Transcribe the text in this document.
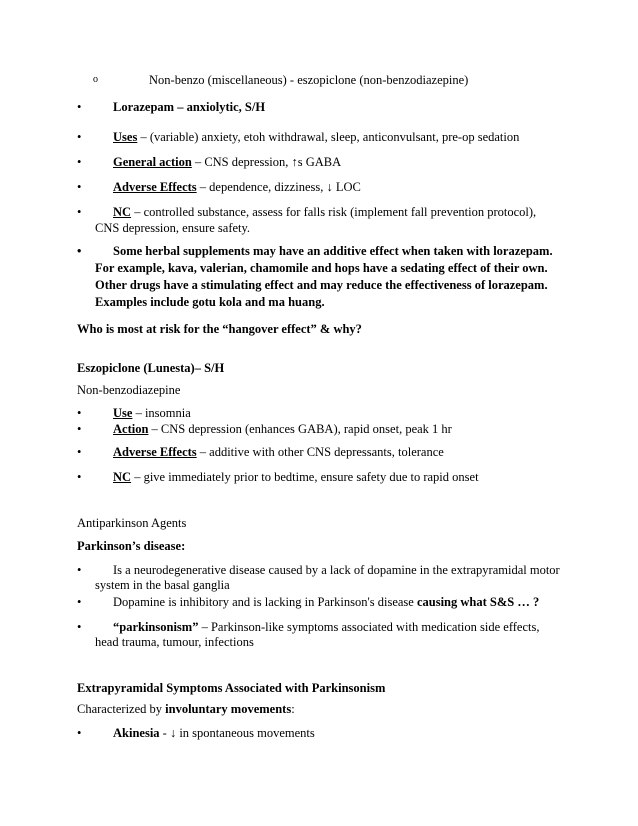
o	Non-benzo (miscellaneous) - eszopiclone (non-benzodiazepine)
•	Lorazepam – anxiolytic, S/H
•	Uses – (variable) anxiety, etoh withdrawal, sleep, anticonvulsant, pre-op sedation
•	General action – CNS depression, ↑s GABA
•	Adverse Effects – dependence, dizziness, ↓ LOC
•	NC – controlled substance, assess for falls risk (implement fall prevention protocol),
CNS depression, ensure safety.
•	Some herbal supplements may have an additive effect when taken with lorazepam.
For example, kava, valerian, chamomile and hops have a sedating effect of their own.
Other drugs have a stimulating effect and may reduce the effectiveness of lorazepam.
Examples include gotu kola and ma huang.
Who is most at risk for the “hangover effect” & why?
Eszopiclone (Lunesta)– S/H
Non-benzodiazepine
•	Use – insomnia
•	Action – CNS depression (enhances GABA), rapid onset, peak 1 hr
•	Adverse Effects – additive with other CNS depressants, tolerance
•	NC – give immediately prior to bedtime, ensure safety due to rapid onset
Antiparkinson Agents
Parkinson’s disease:
•	Is a neurodegenerative disease caused by a lack of dopamine in the extrapyramidal motor
system in the basal ganglia
•	Dopamine is inhibitory and is lacking in Parkinson's disease causing what S&S … ?
•	“parkinsonism” – Parkinson-like symptoms associated with medication side effects,
head trauma, tumour, infections
Extrapyramidal Symptoms Associated with Parkinsonism
Characterized by involuntary movements:
•	Akinesia - ↓ in spontaneous movements
